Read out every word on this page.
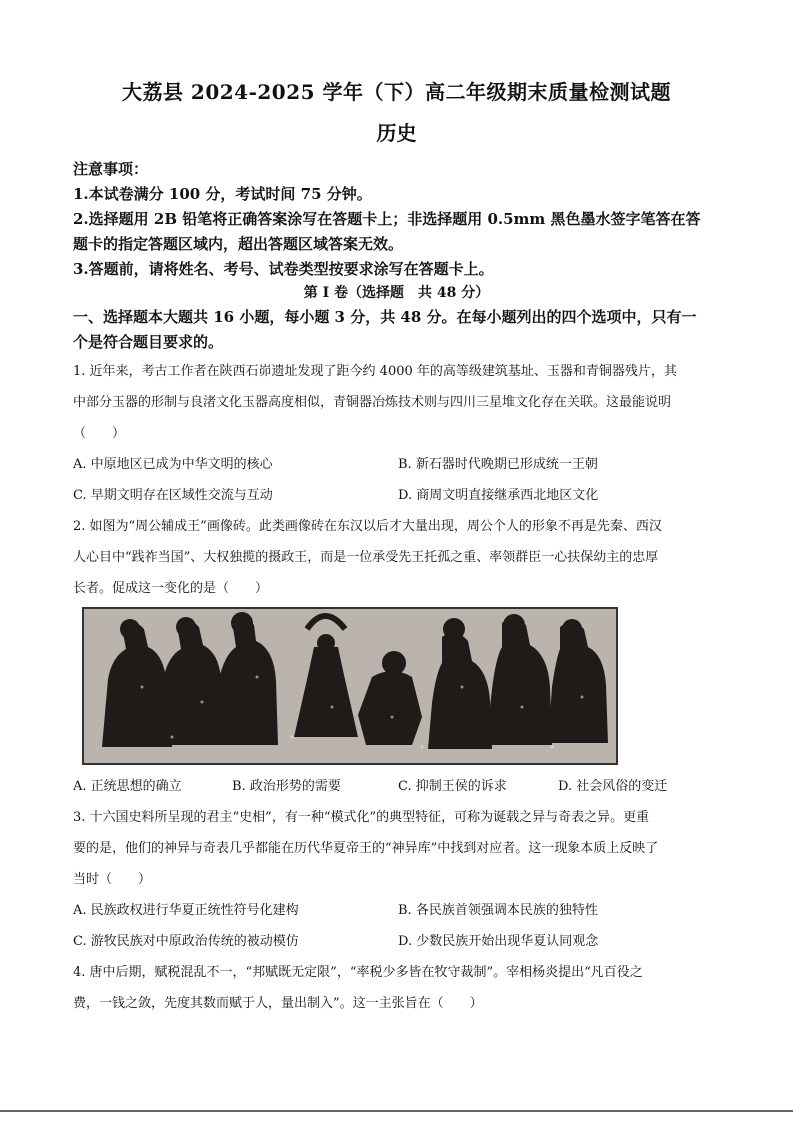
大荔县 2024-2025 学年（下）高二年级期末质量检测试题
历史
注意事项：
1.本试卷满分 100 分，考试时间 75 分钟。
2.选择题用 2B 铅笔将正确答案涂写在答题卡上；非选择题用 0.5mm 黑色墨水签字笔答在答
题卡的指定答题区域内，超出答题区域答案无效。
3.答题前，请将姓名、考号、试卷类型按要求涂写在答题卡上。
第 I 卷（选择题　共 48 分）
一、选择题本大题共 16 小题，每小题 3 分，共 48 分。在每小题列出的四个选项中，只有一
个是符合题目要求的。
1. 近年来，考古工作者在陕西石峁遗址发现了距今约 4000 年的高等级建筑基址、玉器和青铜器残片，其
中部分玉器的形制与良渚文化玉器高度相似，青铜器冶炼技术则与四川三星堆文化存在关联。这最能说明
（　　）
A. 中原地区已成为中华文明的核心	B. 新石器时代晚期已形成统一王朝
C. 早期文明存在区域性交流与互动	D. 商周文明直接继承西北地区文化
2. 如图为“周公辅成王”画像砖。此类画像砖在东汉以后才大量出现，周公个人的形象不再是先秦、西汉
人心目中“践祚当国”、大权独揽的摄政王，而是一位承受先王托孤之重、率领群臣一心扶保幼主的忠厚
长者。促成这一变化的是（　　）
A. 正统思想的确立	B. 政治形势的需要	C. 抑制王侯的诉求	D. 社会风俗的变迁
3. 十六国史料所呈现的君主“史相”，有一种“模式化”的典型特征，可称为诞载之异与奇表之异。更重
要的是，他们的神异与奇表几乎都能在历代华夏帝王的“神异库”中找到对应者。这一现象本质上反映了
当时（　　）
A. 民族政权进行华夏正统性符号化建构	B. 各民族首领强调本民族的独特性
C. 游牧民族对中原政治传统的被动模仿	D. 少数民族开始出现华夏认同观念
4. 唐中后期，赋税混乱不一，“邦赋既无定限”，“率税少多皆在牧守裁制”。宰相杨炎提出“凡百役之
费，一钱之敛，先度其数而赋于人，量出制入”。这一主张旨在（　　）
